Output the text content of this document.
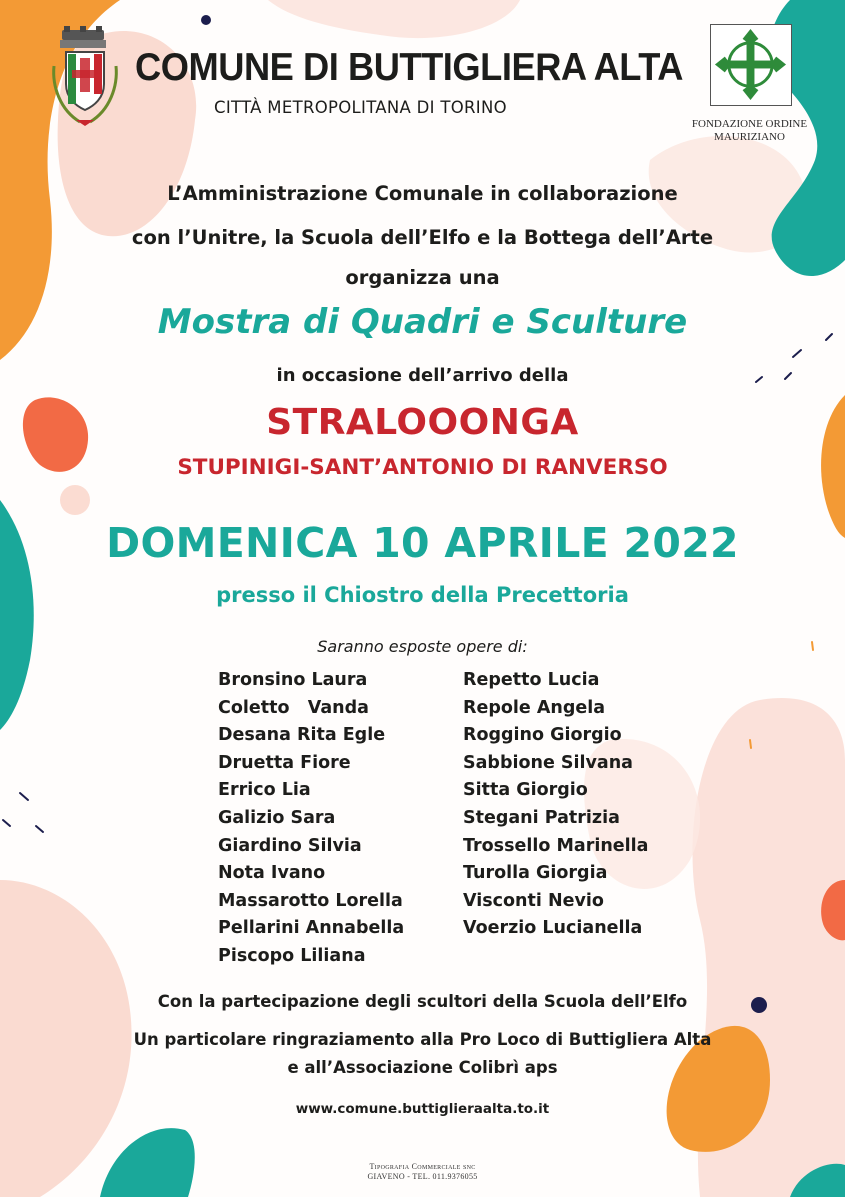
COMUNE DI BUTTIGLIERA ALTA
CITTÀ METROPOLITANA DI TORINO
FONDAZIONE ORDINE
MAURIZIANO
L’Amministrazione Comunale in collaborazione
con l’Unitre, la Scuola dell’Elfo e la Bottega dell’Arte
organizza una
Mostra di Quadri e Sculture
in occasione dell’arrivo della
STRALOOONGA
STUPINIGI-SANT’ANTONIO DI RANVERSO
DOMENICA 10 APRILE 2022
presso il Chiostro della Precettoria
Saranno esposte opere di:
Bronsino Laura
Coletto   Vanda
Desana Rita Egle
Druetta Fiore
Errico Lia
Galizio Sara
Giardino Silvia
Nota Ivano
Massarotto Lorella
Pellarini Annabella
Piscopo Liliana
Repetto Lucia
Repole Angela
Roggino Giorgio
Sabbione Silvana
Sitta Giorgio
Stegani Patrizia
Trossello Marinella
Turolla Giorgia
Visconti Nevio
Voerzio Lucianella
Con la partecipazione degli scultori della Scuola dell’Elfo
Un particolare ringraziamento alla Pro Loco di Buttigliera Alta
e all’Associazione Colibrì aps
www.comune.buttiglieraalta.to.it
Tipografia Commerciale snc
GIAVENO - TEL. 011.9376055
